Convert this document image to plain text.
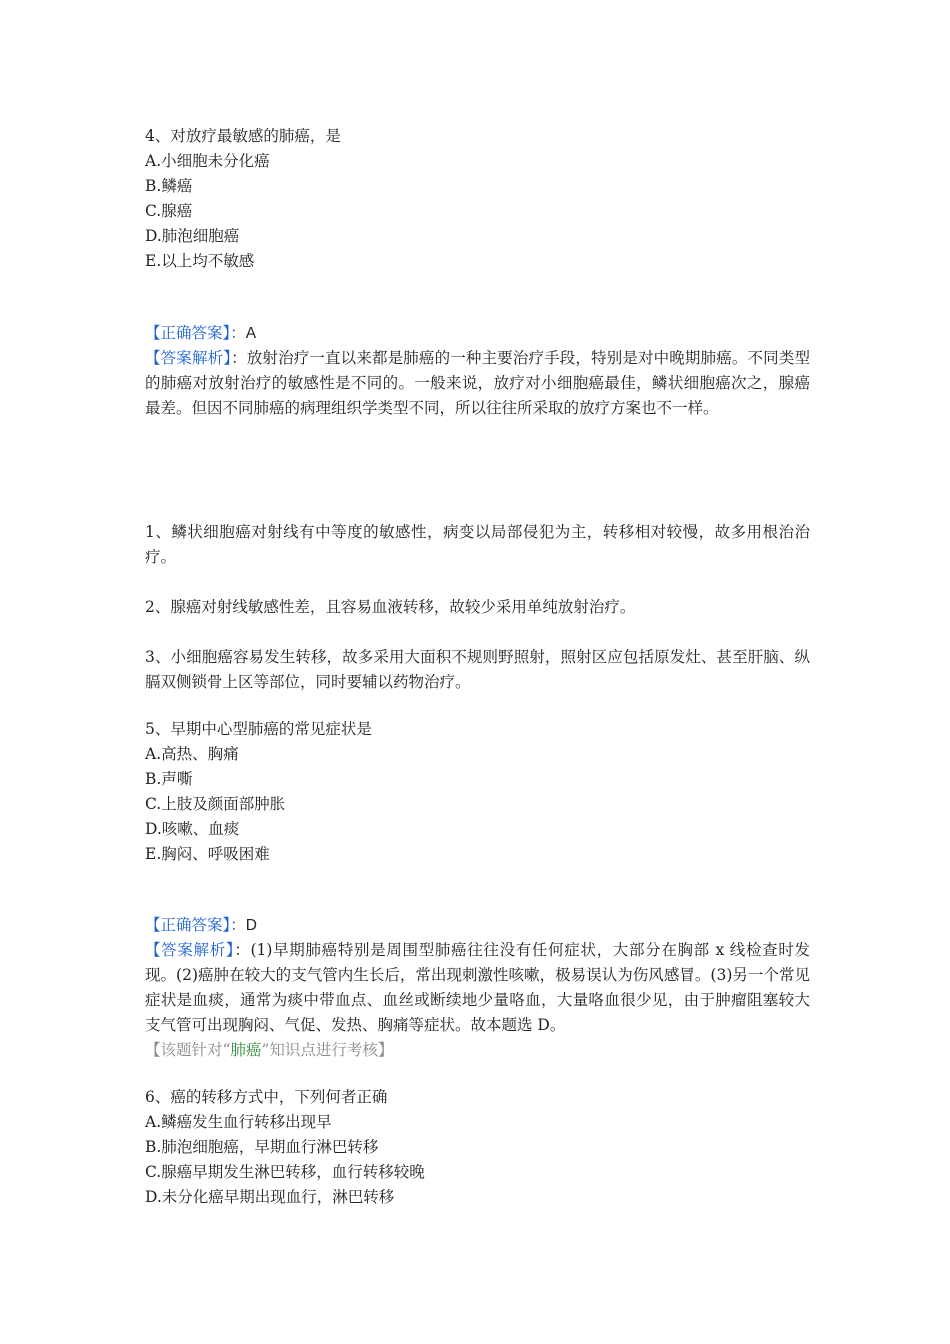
4、对放疗最敏感的肺癌，是
A.小细胞未分化癌
B.鳞癌
C.腺癌
D.肺泡细胞癌
E.以上均不敏感
【正确答案】：A
【答案解析】：放射治疗一直以来都是肺癌的一种主要治疗手段，特别是对中晚期肺癌。不同类型的肺癌对放射治疗的敏感性是不同的。一般来说，放疗对小细胞癌最佳，鳞状细胞癌次之，腺癌最差。但因不同肺癌的病理组织学类型不同，所以往往所采取的放疗方案也不一样。
1、鳞状细胞癌对射线有中等度的敏感性，病变以局部侵犯为主，转移相对较慢，故多用根治治疗。
2、腺癌对射线敏感性差，且容易血液转移，故较少采用单纯放射治疗。
3、小细胞癌容易发生转移，故多采用大面积不规则野照射，照射区应包括原发灶、甚至肝脑、纵膈双侧锁骨上区等部位，同时要辅以药物治疗。
5、早期中心型肺癌的常见症状是
A.高热、胸痛
B.声嘶
C.上肢及颜面部肿胀
D.咳嗽、血痰
E.胸闷、呼吸困难
【正确答案】：D
【答案解析】：(1)早期肺癌特别是周围型肺癌往往没有任何症状，大部分在胸部 x 线检查时发现。(2)癌肿在较大的支气管内生长后，常出现刺激性咳嗽，极易误认为伤风感冒。(3)另一个常见症状是血痰，通常为痰中带血点、血丝或断续地少量咯血，大量咯血很少见，由于肿瘤阻塞较大支气管可出现胸闷、气促、发热、胸痛等症状。故本题选 D。
【该题针对“肺癌”知识点进行考核】
6、癌的转移方式中，下列何者正确
A.鳞癌发生血行转移出现早
B.肺泡细胞癌，早期血行淋巴转移
C.腺癌早期发生淋巴转移，血行转移较晚
D.未分化癌早期出现血行，淋巴转移
